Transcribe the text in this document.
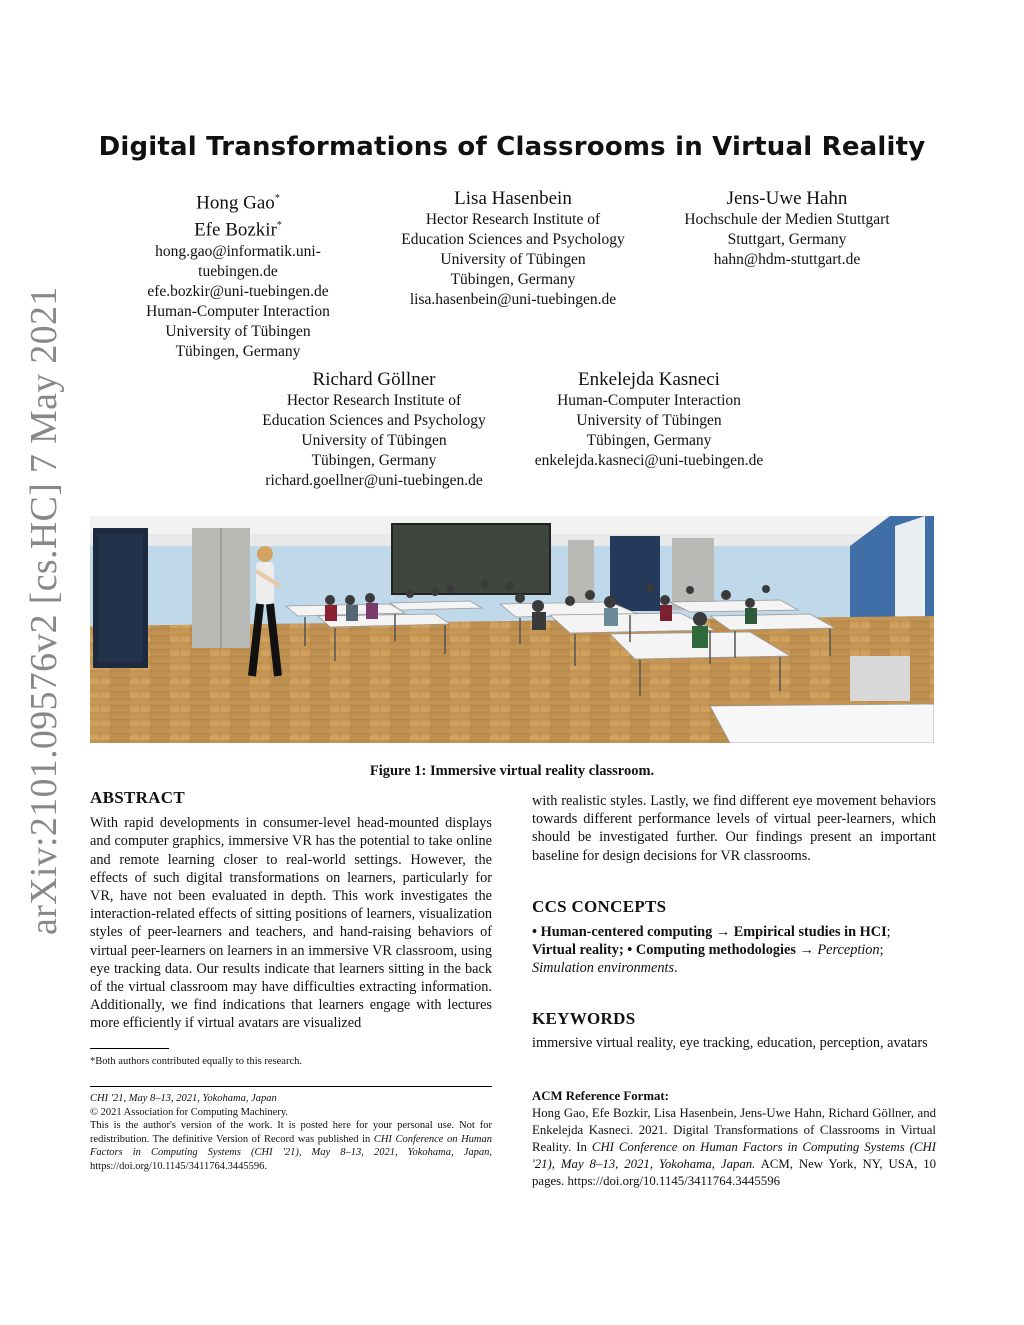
arXiv:2101.09576v2 [cs.HC] 7 May 2021
Digital Transformations of Classrooms in Virtual Reality
Hong Gao*
Efe Bozkir*
hong.gao@informatik.uni-
tuebingen.de
efe.bozkir@uni-tuebingen.de
Human-Computer Interaction
University of Tübingen
Tübingen, Germany
Lisa Hasenbein
Hector Research Institute of
Education Sciences and Psychology
University of Tübingen
Tübingen, Germany
lisa.hasenbein@uni-tuebingen.de
Jens-Uwe Hahn
Hochschule der Medien Stuttgart
Stuttgart, Germany
hahn@hdm-stuttgart.de
Richard Göllner
Hector Research Institute of
Education Sciences and Psychology
University of Tübingen
Tübingen, Germany
richard.goellner@uni-tuebingen.de
Enkelejda Kasneci
Human-Computer Interaction
University of Tübingen
Tübingen, Germany
enkelejda.kasneci@uni-tuebingen.de
Figure 1: Immersive virtual reality classroom.
ABSTRACT
With rapid developments in consumer-level head-mounted displays and computer graphics, immersive VR has the potential to take online and remote learning closer to real-world settings. However, the effects of such digital transformations on learners, particularly for VR, have not been evaluated in depth. This work investigates the interaction-related effects of sitting positions of learners, visualization styles of peer-learners and teachers, and hand-raising behaviors of virtual peer-learners on learners in an immersive VR classroom, using eye tracking data. Our results indicate that learners sitting in the back of the virtual classroom may have difficulties extracting information. Additionally, we find indications that learners engage with lectures more efficiently if virtual avatars are visualized
*Both authors contributed equally to this research.
CHI '21, May 8–13, 2021, Yokohama, Japan
© 2021 Association for Computing Machinery.
This is the author's version of the work. It is posted here for your personal use. Not for redistribution. The definitive Version of Record was published in CHI Conference on Human Factors in Computing Systems (CHI '21), May 8–13, 2021, Yokohama, Japan, https://doi.org/10.1145/3411764.3445596.
with realistic styles. Lastly, we find different eye movement behaviors towards different performance levels of virtual peer-learners, which should be investigated further. Our findings present an important baseline for design decisions for VR classrooms.
CCS CONCEPTS
• Human-centered computing → Empirical studies in HCI; Virtual reality; • Computing methodologies → Perception; Simulation environments.
KEYWORDS
immersive virtual reality, eye tracking, education, perception, avatars
ACM Reference Format:
Hong Gao, Efe Bozkir, Lisa Hasenbein, Jens-Uwe Hahn, Richard Göllner, and Enkelejda Kasneci. 2021. Digital Transformations of Classrooms in Virtual Reality. In CHI Conference on Human Factors in Computing Systems (CHI '21), May 8–13, 2021, Yokohama, Japan. ACM, New York, NY, USA, 10 pages. https://doi.org/10.1145/3411764.3445596
